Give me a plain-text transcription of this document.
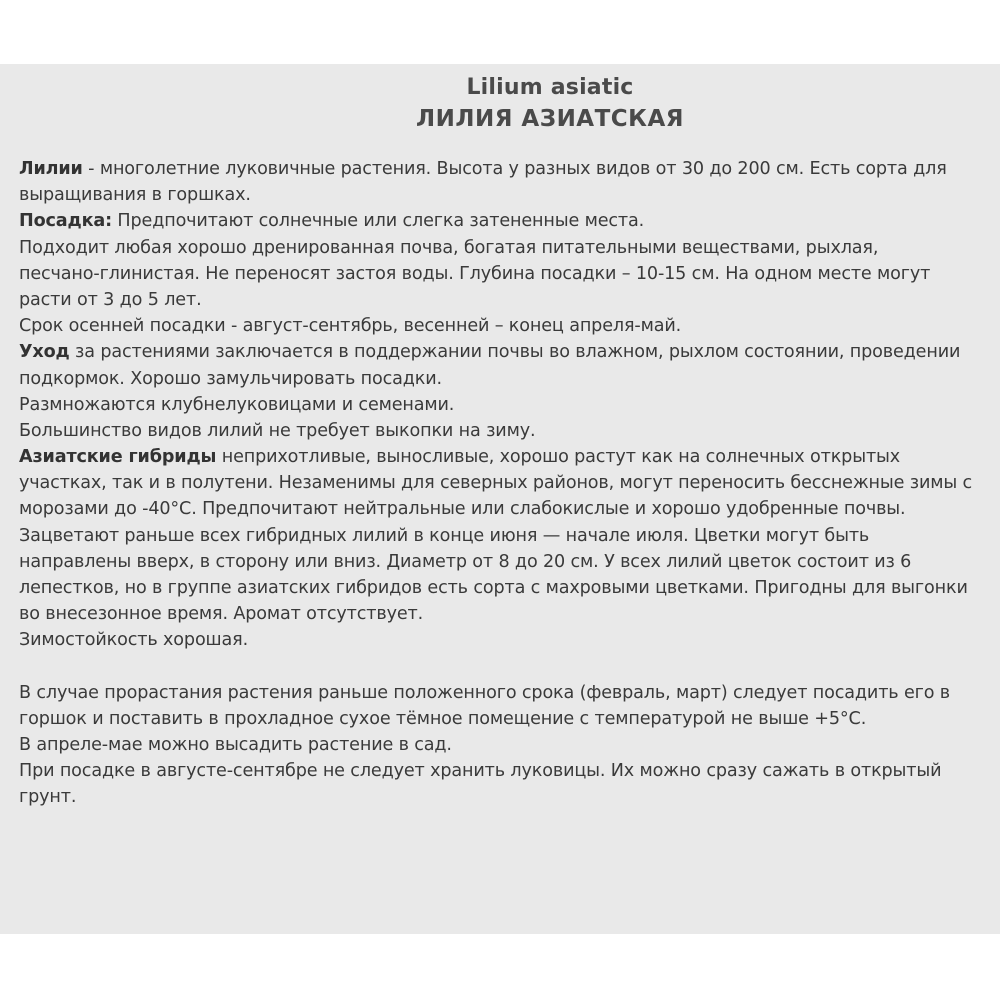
Lilium asiatic
ЛИЛИЯ АЗИАТСКАЯ
Лилии - многолетние луковичные растения. Высота у разных видов от 30 до 200 см. Есть сорта для
выращивания в горшках.
Посадка: Предпочитают солнечные или слегка затененные места.
Подходит любая хорошо дренированная почва, богатая питательными веществами, рыхлая,
песчано-глинистая. Не переносят застоя воды. Глубина посадки – 10-15 см. На одном месте могут
расти от 3 до 5 лет.
Срок осенней посадки - август-сентябрь, весенней – конец апреля-май.
Уход за растениями заключается в поддержании почвы во влажном, рыхлом состоянии, проведении
подкормок. Хорошо замульчировать посадки.
Размножаются клубнелуковицами и семенами.
Большинство видов лилий не требует выкопки на зиму.
Азиатские гибриды неприхотливые, выносливые, хорошо растут как на солнечных открытых
участках, так и в полутени. Незаменимы для северных районов, могут переносить бесснежные зимы с
морозами до -40°С. Предпочитают нейтральные или слабокислые и хорошо удобренные почвы.
Зацветают раньше всех гибридных лилий в конце июня — начале июля. Цветки могут быть
направлены вверх, в сторону или вниз. Диаметр от 8 до 20 см. У всех лилий цветок состоит из 6
лепестков, но в группе азиатских гибридов есть сорта с махровыми цветками. Пригодны для выгонки
во внесезонное время. Аромат отсутствует.
Зимостойкость хорошая.
В случае прорастания растения раньше положенного срока (февраль, март) следует посадить его в
горшок и поставить в прохладное сухое тёмное помещение с температурой не выше +5°С.
В апреле-мае можно высадить растение в сад.
При посадке в августе-сентябре не следует хранить луковицы. Их можно сразу сажать в открытый
грунт.
